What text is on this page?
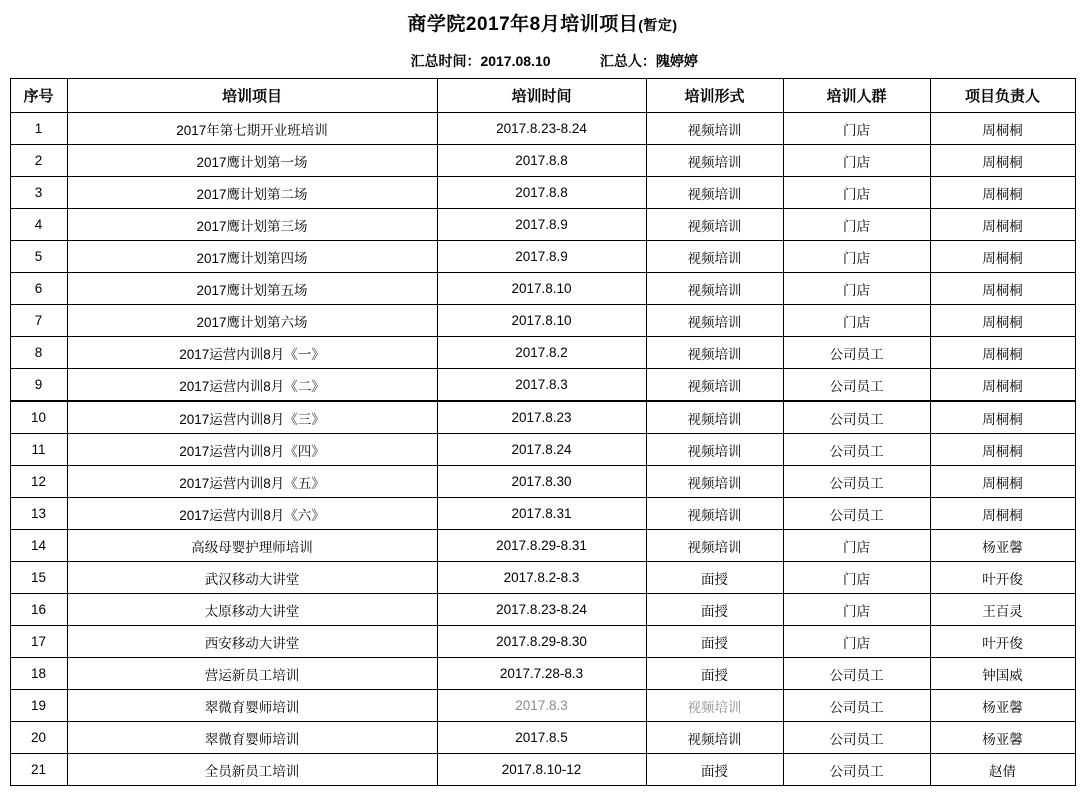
商学院2017年8月培训项目(暂定)

汇总时间：2017.08.10
	汇总人：隗婷婷

序号	培训项目	培训时间	培训形式	培训人群	项目负责人
1	2017年第七期开业班培训	2017.8.23-8.24	视频培训	门店	周桐桐
2	2017鹰计划第一场	2017.8.8	视频培训	门店	周桐桐
3	2017鹰计划第二场	2017.8.8	视频培训	门店	周桐桐
4	2017鹰计划第三场	2017.8.9	视频培训	门店	周桐桐
5	2017鹰计划第四场	2017.8.9	视频培训	门店	周桐桐
6	2017鹰计划第五场	2017.8.10	视频培训	门店	周桐桐
7	2017鹰计划第六场	2017.8.10	视频培训	门店	周桐桐
8	2017运营内训8月《一》	2017.8.2	视频培训	公司员工	周桐桐
9	2017运营内训8月《二》	2017.8.3	视频培训	公司员工	周桐桐
10	2017运营内训8月《三》	2017.8.23	视频培训	公司员工	周桐桐
11	2017运营内训8月《四》	2017.8.24	视频培训	公司员工	周桐桐
12	2017运营内训8月《五》	2017.8.30	视频培训	公司员工	周桐桐
13	2017运营内训8月《六》	2017.8.31	视频培训	公司员工	周桐桐
14	高级母婴护理师培训	2017.8.29-8.31	视频培训	门店	杨亚馨
15	武汉移动大讲堂	2017.8.2-8.3	面授	门店	叶开俊
16	太原移动大讲堂	2017.8.23-8.24	面授	门店	王百灵
17	西安移动大讲堂	2017.8.29-8.30	面授	门店	叶开俊
18	营运新员工培训	2017.7.28-8.3	面授	公司员工	钟国威
19	翠微育婴师培训	2017.8.3	视频培训	公司员工	杨亚馨
20	翠微育婴师培训	2017.8.5	视频培训	公司员工	杨亚馨
21	全员新员工培训	2017.8.10-12	面授	公司员工	赵倩
